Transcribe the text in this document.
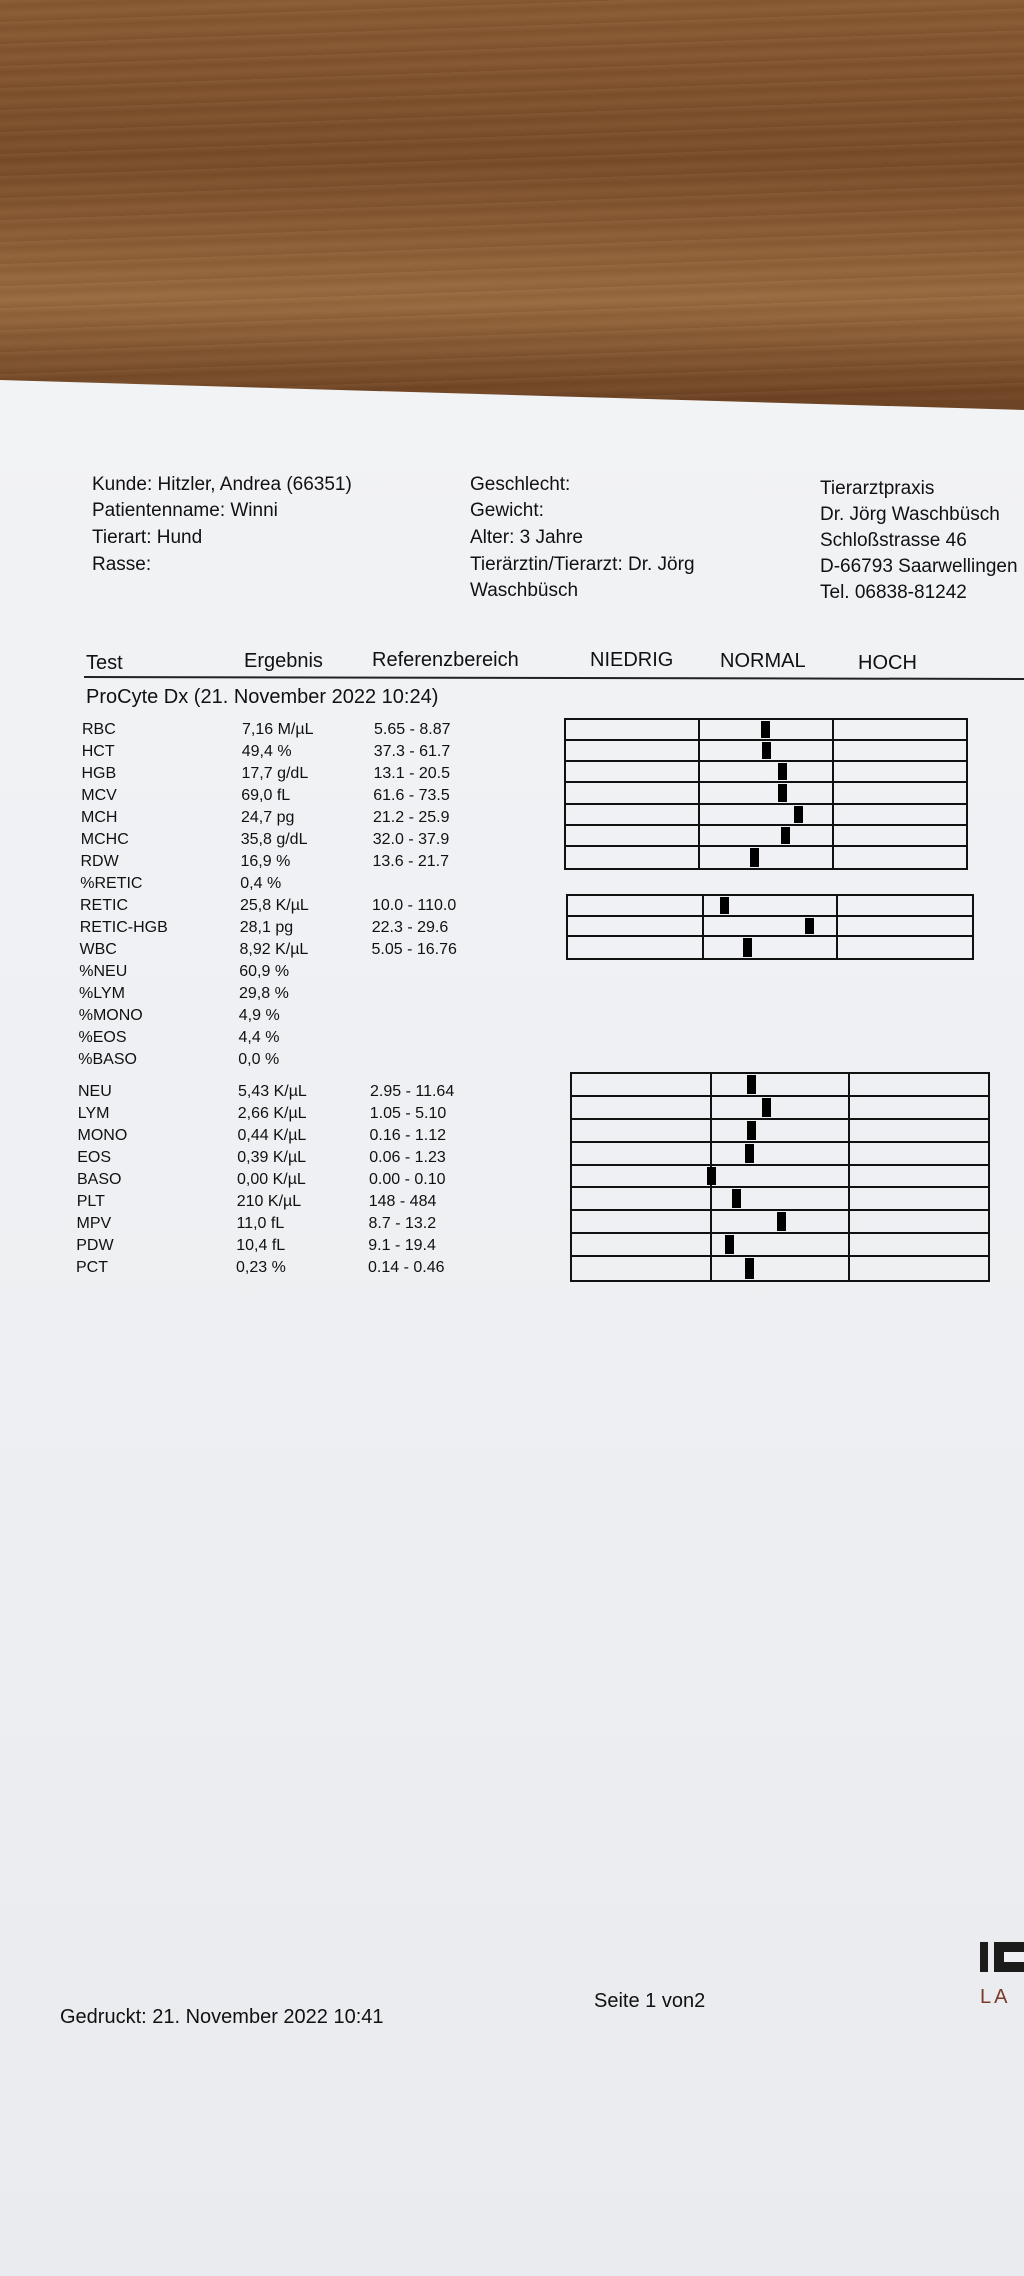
Kunde: Hitzler, Andrea (66351)
Patientenname: Winni
Tierart: Hund
Rasse:
Geschlecht:
Gewicht:
Alter: 3 Jahre
Tierärztin/Tierarzt: Dr. Jörg
Waschbüsch
Tierarztpraxis
Dr. Jörg Waschbüsch
Schloßstrasse 46
D-66793 Saarwellingen
Tel. 06838-81242
Test	Ergebnis Referenzbereich	NIEDRIG NORMAL	HOCH
ProCyte Dx (21. November 2022 10:24)
RBC	7,16 M/µL	5.65 - 8.87
HCT	49,4 %	37.3 - 61.7
HGB	17,7 g/dL	13.1 - 20.5
MCV	69,0 fL	61.6 - 73.5
MCH	24,7 pg	21.2 - 25.9
MCHC	35,8 g/dL	32.0 - 37.9
RDW	16,9 %	13.6 - 21.7
%RETIC	0,4 %
RETIC	25,8 K/µL	10.0 - 110.0
RETIC-HGB	28,1 pg	22.3 - 29.6
WBC	8,92 K/µL	5.05 - 16.76
%NEU	60,9 %
%LYM	29,8 %
%MONO	4,9 %
%EOS	4,4 %
%BASO	0,0 %
NEU	5,43 K/µL	2.95 - 11.64
LYM	2,66 K/µL	1.05 - 5.10
MONO	0,44 K/µL	0.16 - 1.12
EOS	0,39 K/µL	0.06 - 1.23
BASO	0,00 K/µL	0.00 - 0.10
PLT	210 K/µL	148 - 484
MPV	11,0 fL	8.7 - 13.2
PDW	10,4 fL	9.1 - 19.4
PCT	0,23 %	0.14 - 0.46
Gedruckt: 21. November 2022 10:41
Seite 1 von2	LA
